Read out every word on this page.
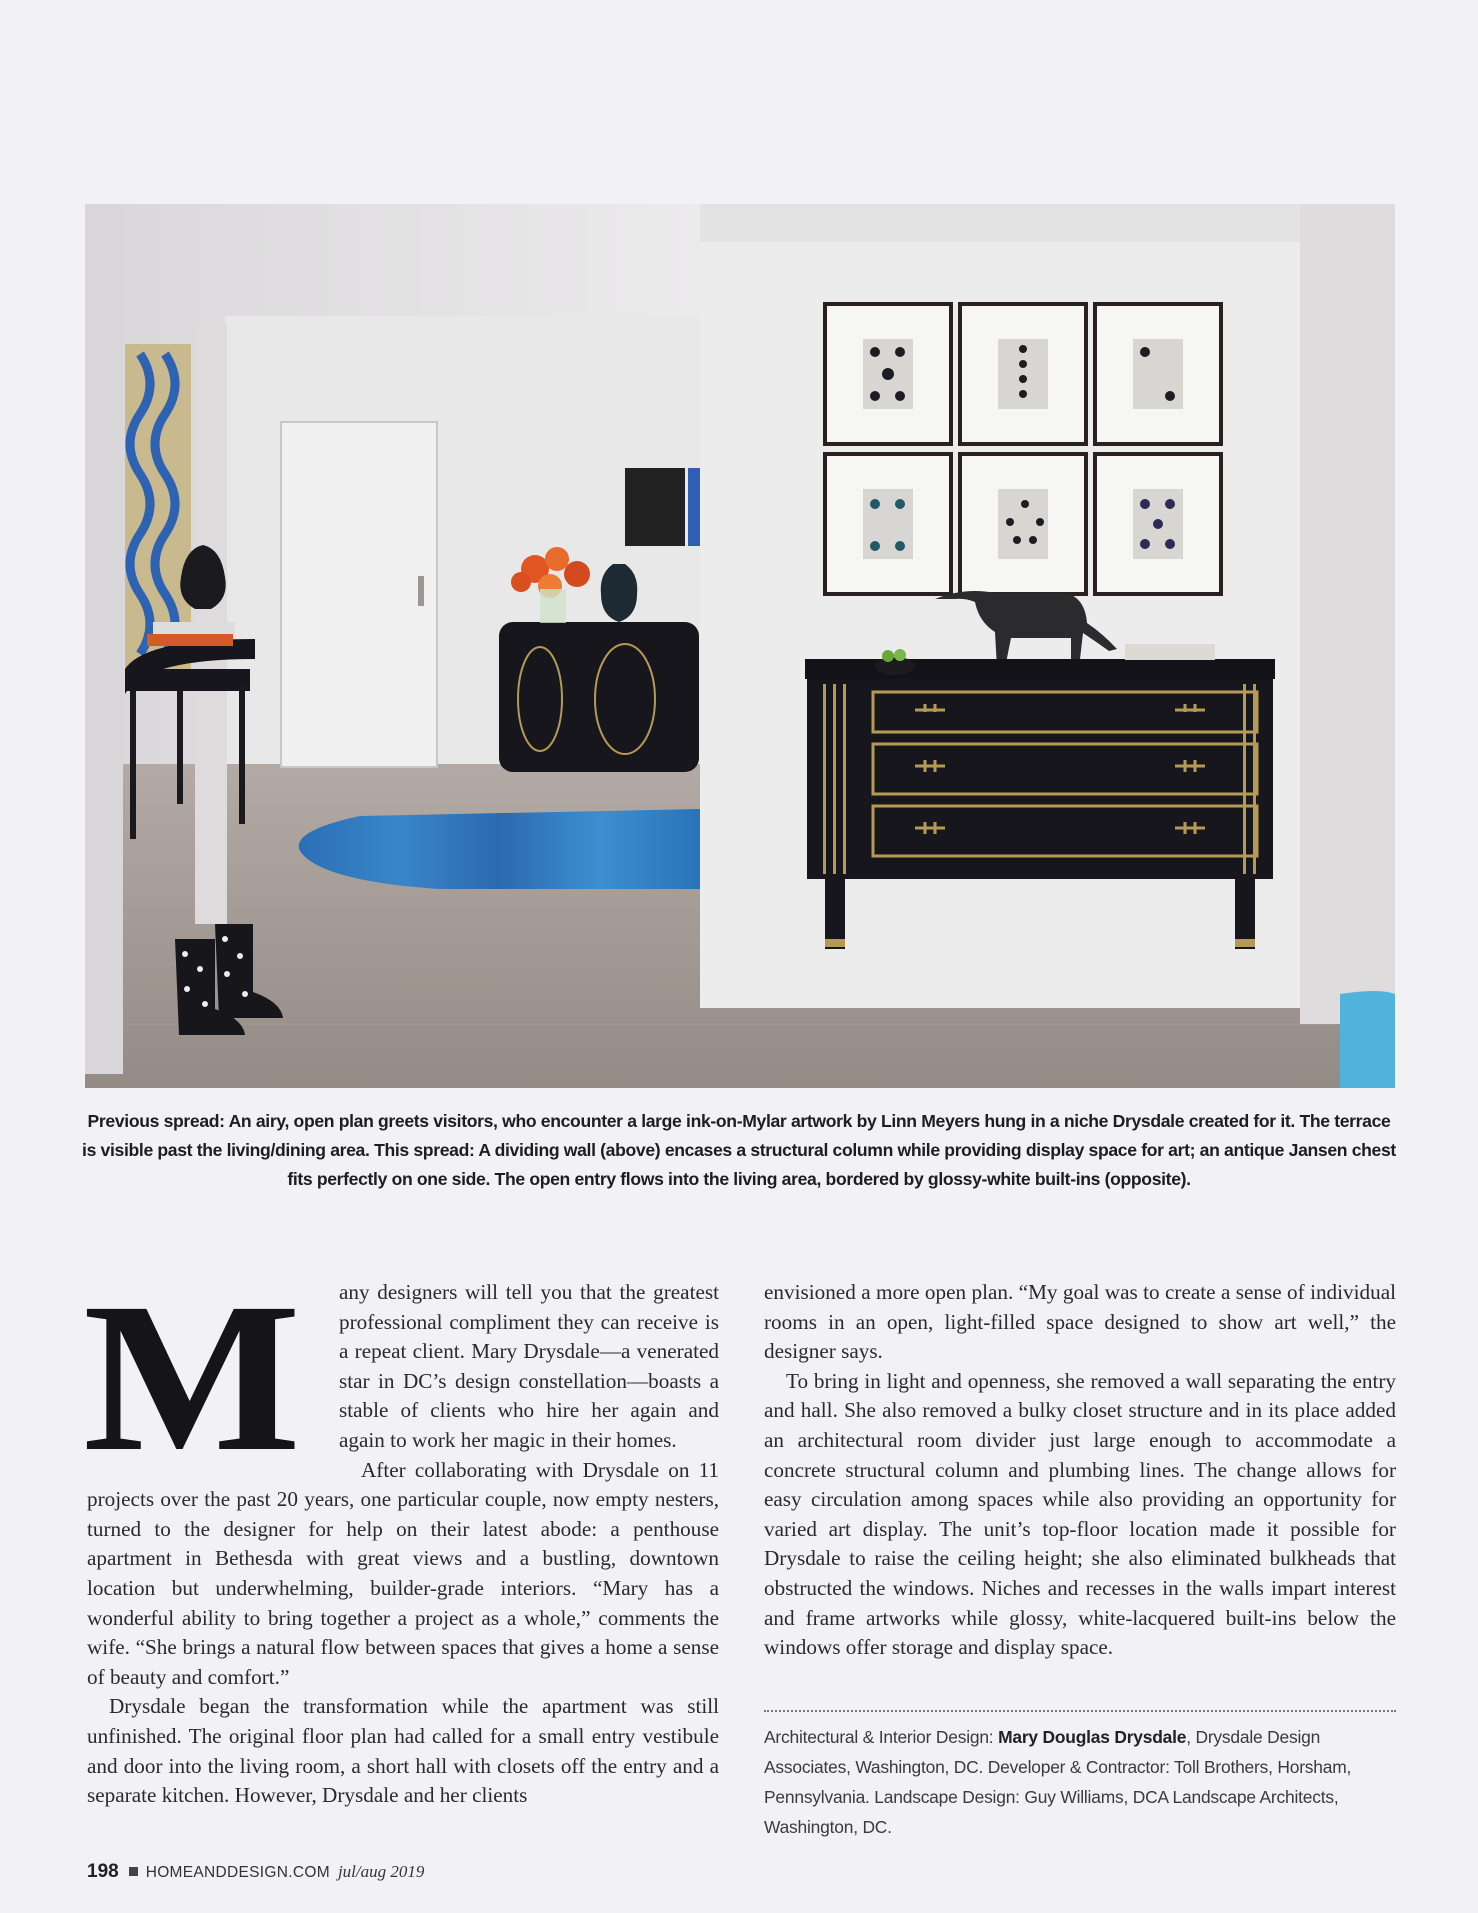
Previous spread: An airy, open plan greets visitors, who encounter a large ink-on-Mylar artwork by Linn Meyers hung in a niche Drysdale created for it. The terrace is visible past the living/dining area. This spread: A dividing wall (above) encases a structural column while providing display space for art; an antique Jansen chest fits perfectly on one side. The open entry flows into the living area, bordered by glossy-white built-ins (opposite).

M	any designers will tell you that the greatest professional compliment they can receive is a repeat client. Mary Drysdale—a venerated star in DC’s design constellation—boasts a stable of clients who hire her again and again to work her magic in their homes.

After collaborating with Drysdale on 11 projects over the past 20 years, one particular couple, now empty nesters, turned to the designer for help on their latest abode: a penthouse apartment in Bethesda with great views and a bustling, downtown location but underwhelming, builder-grade interiors. “Mary has a wonderful ability to bring together a project as a whole,” comments the wife. “She brings a natural flow between spaces that gives a home a sense of beauty and comfort.”

Drysdale began the transformation while the apartment was still unfinished. The original floor plan had called for a small entry vestibule and door into the living room, a short hall with closets off the entry and a separate kitchen. However, Drysdale and her clients

envisioned a more open plan. “My goal was to create a sense of individual rooms in an open, light-filled space designed to show art well,” the designer says.

To bring in light and openness, she removed a wall separating the entry and hall. She also removed a bulky closet structure and in its place added an architectural room divider just large enough to accommodate a concrete structural column and plumbing lines. The change allows for easy circulation among spaces while also providing an opportunity for varied art display. The unit’s top-floor location made it possible for Drysdale to raise the ceiling height; she also eliminated bulkheads that obstructed the windows. Niches and recesses in the walls impart interest and frame artworks while glossy, white-lacquered built-ins below the windows offer storage and display space.

Architectural & Interior Design: Mary Douglas Drysdale, Drysdale Design Associates, Washington, DC. Developer & Contractor: Toll Brothers, Horsham, Pennsylvania. Landscape Design: Guy Williams, DCA Landscape Architects, Washington, DC.

198 HOMEANDDESIGN.COM jul/aug 2019
